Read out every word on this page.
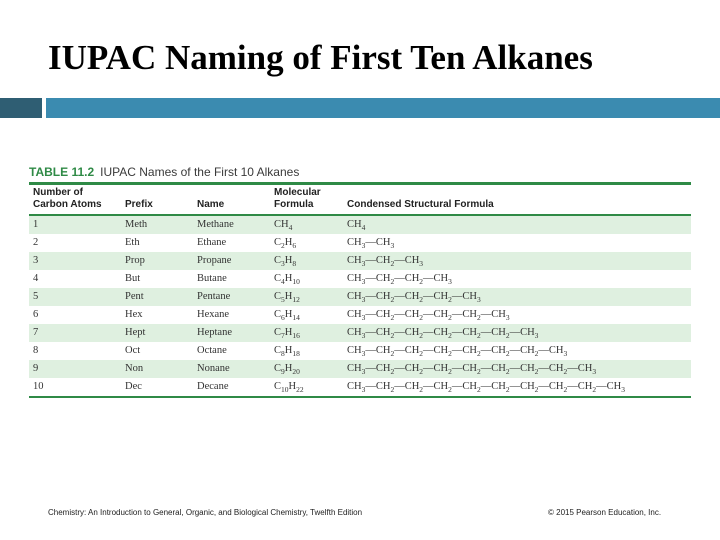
IUPAC Naming of First Ten Alkanes
TABLE 11.2 IUPAC Names of the First 10 Alkanes
Number of Carbon Atoms	Prefix	Name	Molecular Formula	Condensed Structural Formula
1	Meth	Methane	$CH_4$	$CH_4$
2	Eth	Ethane	$C_2H_6$	$CH_3—CH_3$
3	Prop	Propane	$C_3H_8$	$CH_3—CH_2—CH_3$
4	But	Butane	$C_4H_{10}$	$CH_3—CH_2—CH_2—CH_3$
5	Pent	Pentane	$C_5H_{12}$	$CH_3—CH_2—CH_2—CH_2—CH_3$
6	Hex	Hexane	$C_6H_{14}$	$CH_3—CH_2—CH_2—CH_2—CH_2—CH_3$
7	Hept	Heptane	$C_7H_{16}$	$CH_3—CH_2—CH_2—CH_2—CH_2—CH_2—CH_3$
8	Oct	Octane	$C_8H_{18}$	$CH_3—CH_2—CH_2—CH_2—CH_2—CH_2—CH_2—CH_3$
9	Non	Nonane	$C_9H_{20}$	$CH_3—CH_2—CH_2—CH_2—CH_2—CH_2—CH_2—CH_2—CH_3$
10	Dec	Decane	$C_{10}H_{22}$	$CH_3—CH_2—CH_2—CH_2—CH_2—CH_2—CH_2—CH_2—CH_2—CH_3$
Chemistry: An Introduction to General, Organic, and Biological Chemistry, Twelfth Edition	© 2015 Pearson Education, Inc.
